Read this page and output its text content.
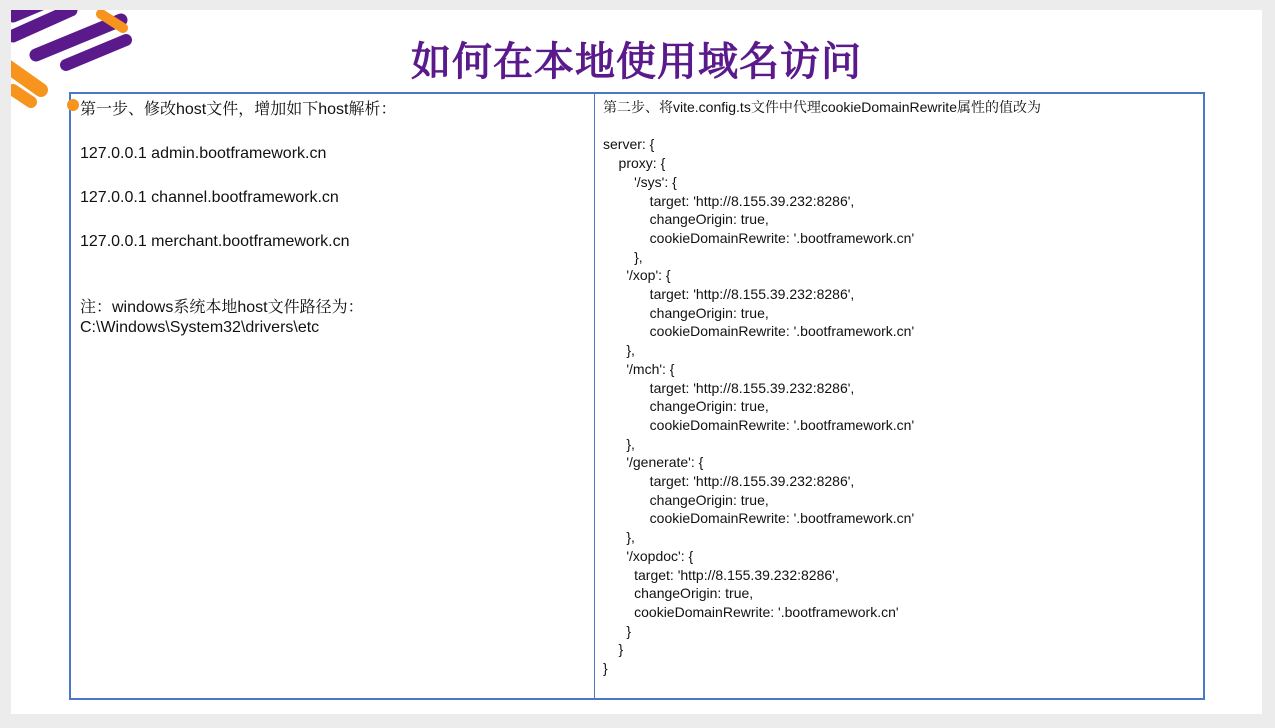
如何在本地使用域名访问

第一步、修改host文件，增加如下host解析：

127.0.0.1 admin.bootframework.cn

127.0.0.1 channel.bootframework.cn

127.0.0.1 merchant.bootframework.cn

注：windows系统本地host文件路径为：

C:\Windows\System32\drivers\etc

第二步、将vite.config.ts文件中代理cookieDomainRewrite属性的值改为

server: {
proxy: {
'/sys': {
target: 'http://8.155.39.232:8286',
changeOrigin: true,
cookieDomainRewrite: '.bootframework.cn'
},
'/xop': {
target: 'http://8.155.39.232:8286',
changeOrigin: true,
cookieDomainRewrite: '.bootframework.cn'
},
'/mch': {
target: 'http://8.155.39.232:8286',
changeOrigin: true,
cookieDomainRewrite: '.bootframework.cn'
},
'/generate': {
target: 'http://8.155.39.232:8286',
changeOrigin: true,
cookieDomainRewrite: '.bootframework.cn'
},
'/xopdoc': {
target: 'http://8.155.39.232:8286',
changeOrigin: true,
cookieDomainRewrite: '.bootframework.cn'
}
}
}
